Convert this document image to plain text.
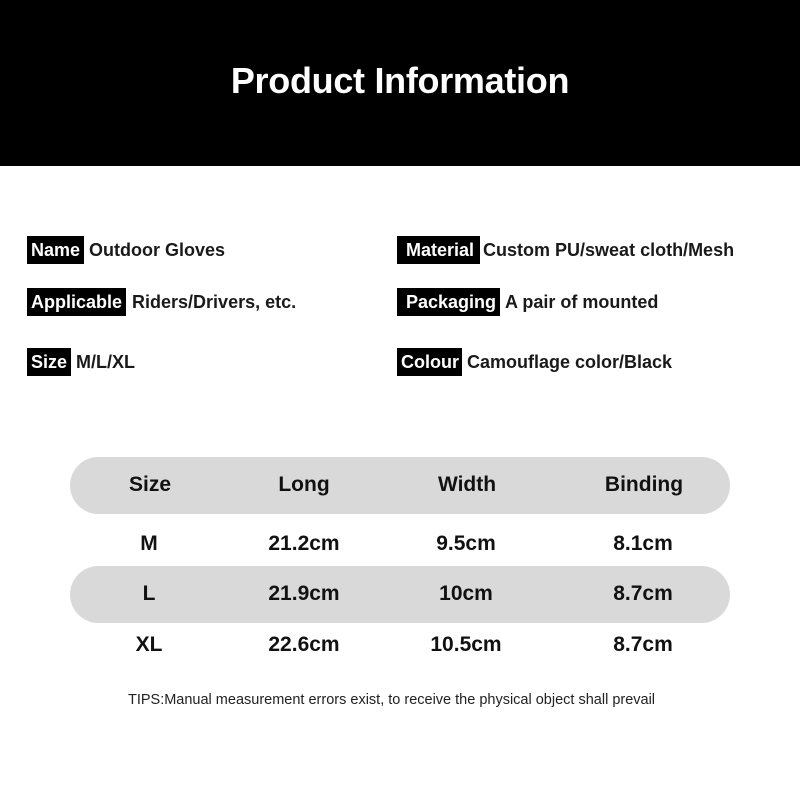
Product Information
Name Outdoor Gloves	Material Custom PU/sweat cloth/Mesh
Applicable Riders/Drivers, etc.	Packaging A pair of mounted
Size M/L/XL	Colour Camouflage color/Black
Size	Long	Width	Binding
M	21.2cm	9.5cm	8.1cm
L	21.9cm	10cm	8.7cm
XL	22.6cm	10.5cm	8.7cm
TIPS:Manual measurement errors exist, to receive the physical object shall prevail
